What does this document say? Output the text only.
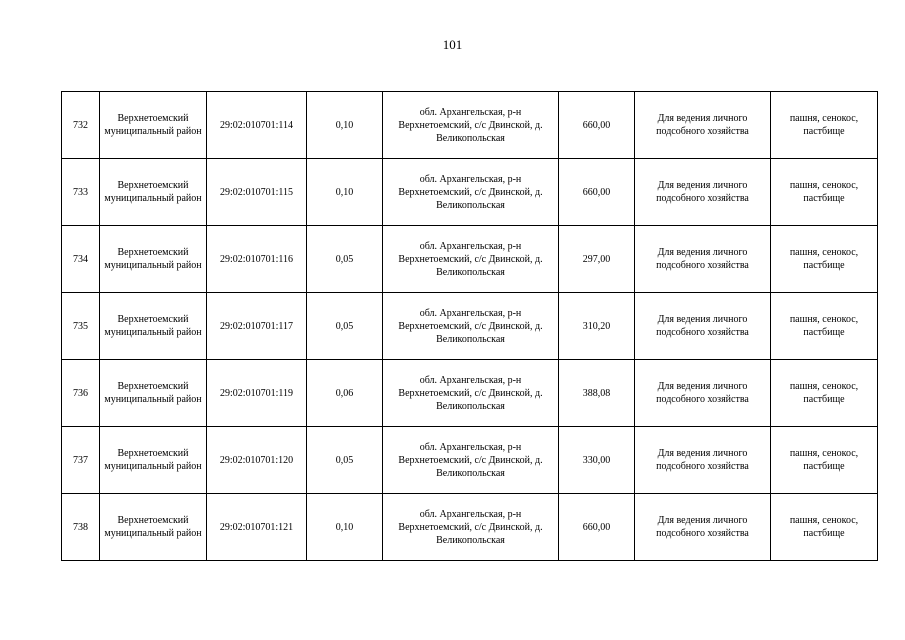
101
732	Верхнетоемский муниципальный район	29:02:010701:114	0,10	обл. Архангельская, р-н Верхнетоемский, с/с Двинской, д. Великопольская	660,00	Для ведения личного подсобного хозяйства	пашня, сенокос, пастбище
733	Верхнетоемский муниципальный район	29:02:010701:115	0,10	обл. Архангельская, р-н Верхнетоемский, с/с Двинской, д. Великопольская	660,00	Для ведения личного подсобного хозяйства	пашня, сенокос, пастбище
734	Верхнетоемский муниципальный район	29:02:010701:116	0,05	обл. Архангельская, р-н Верхнетоемский, с/с Двинской, д. Великопольская	297,00	Для ведения личного подсобного хозяйства	пашня, сенокос, пастбище
735	Верхнетоемский муниципальный район	29:02:010701:117	0,05	обл. Архангельская, р-н Верхнетоемский, с/с Двинской, д. Великопольская	310,20	Для ведения личного подсобного хозяйства	пашня, сенокос, пастбище
736	Верхнетоемский муниципальный район	29:02:010701:119	0,06	обл. Архангельская, р-н Верхнетоемский, с/с Двинской, д. Великопольская	388,08	Для ведения личного подсобного хозяйства	пашня, сенокос, пастбище
737	Верхнетоемский муниципальный район	29:02:010701:120	0,05	обл. Архангельская, р-н Верхнетоемский, с/с Двинской, д. Великопольская	330,00	Для ведения личного подсобного хозяйства	пашня, сенокос, пастбище
738	Верхнетоемский муниципальный район	29:02:010701:121	0,10	обл. Архангельская, р-н Верхнетоемский, с/с Двинской, д. Великопольская	660,00	Для ведения личного подсобного хозяйства	пашня, сенокос, пастбище
